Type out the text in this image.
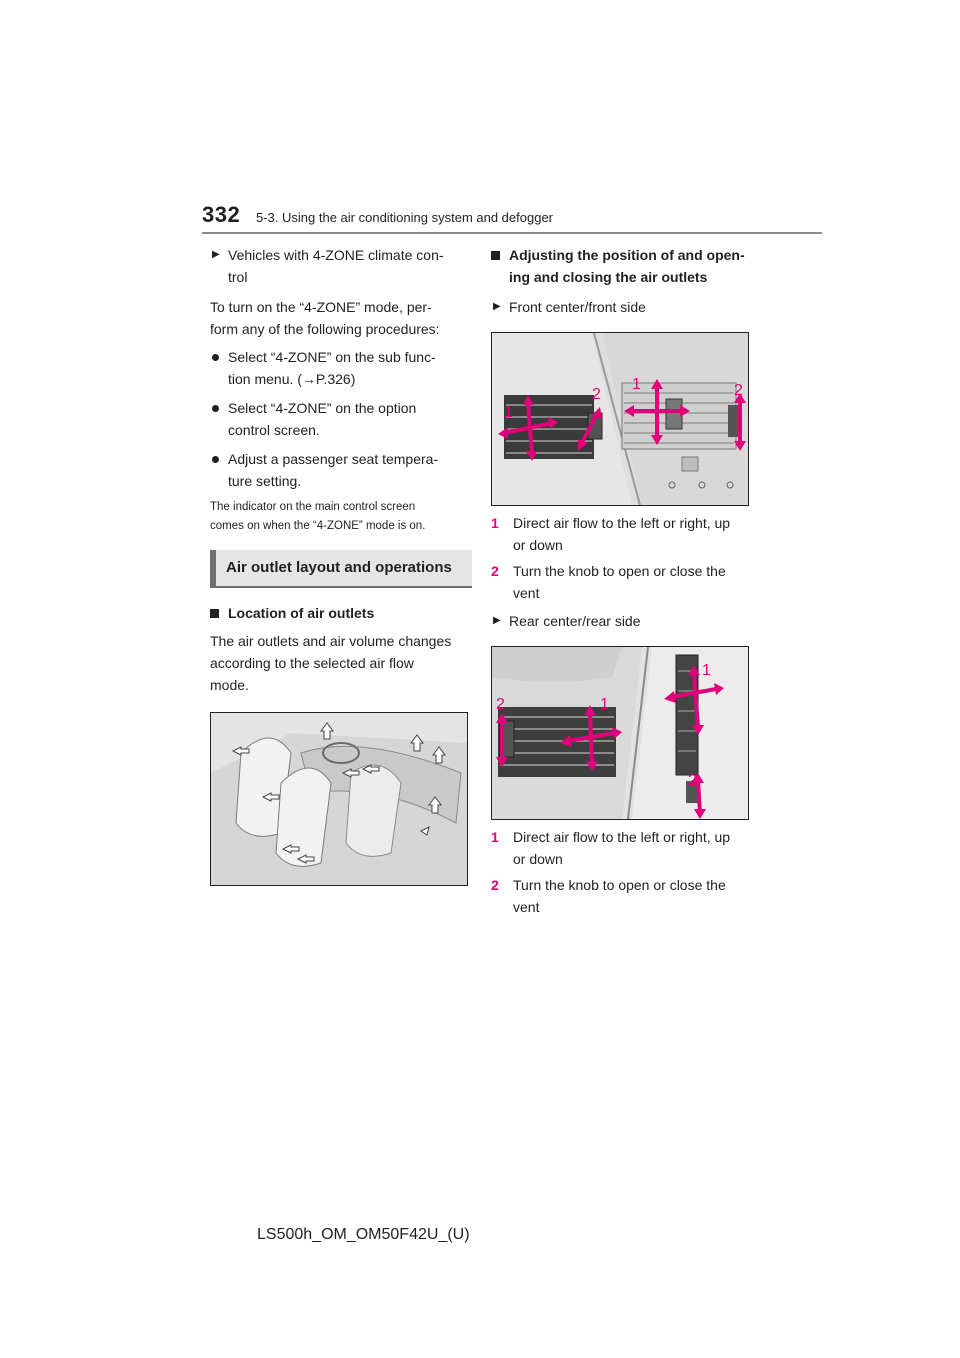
332 5-3. Using the air conditioning system and defogger
▶ Vehicles with 4-ZONE climate con-
trol
To turn on the “4-ZONE” mode, per-
form any of the following procedures:
Select “4-ZONE” on the sub func-
tion menu. (→P.326)
Select “4-ZONE” on the option
control screen.
Adjust a passenger seat tempera-
ture setting.
The indicator on the main control screen
comes on when the “4-ZONE” mode is on.
Air outlet layout and operations
Location of air outlets
The air outlets and air volume changes
according to the selected air flow
mode.
Adjusting the position of and open-
ing and closing the air outlets
▶ Front center/front side
1
2
1	2
1 Direct air flow to the left or right, up
or down
2 Turn the knob to open or close the
vent
▶ Rear center/rear side
2	1
1
2
1 Direct air flow to the left or right, up
or down
2 Turn the knob to open or close the
vent
LS500h_OM_OM50F42U_(U)
